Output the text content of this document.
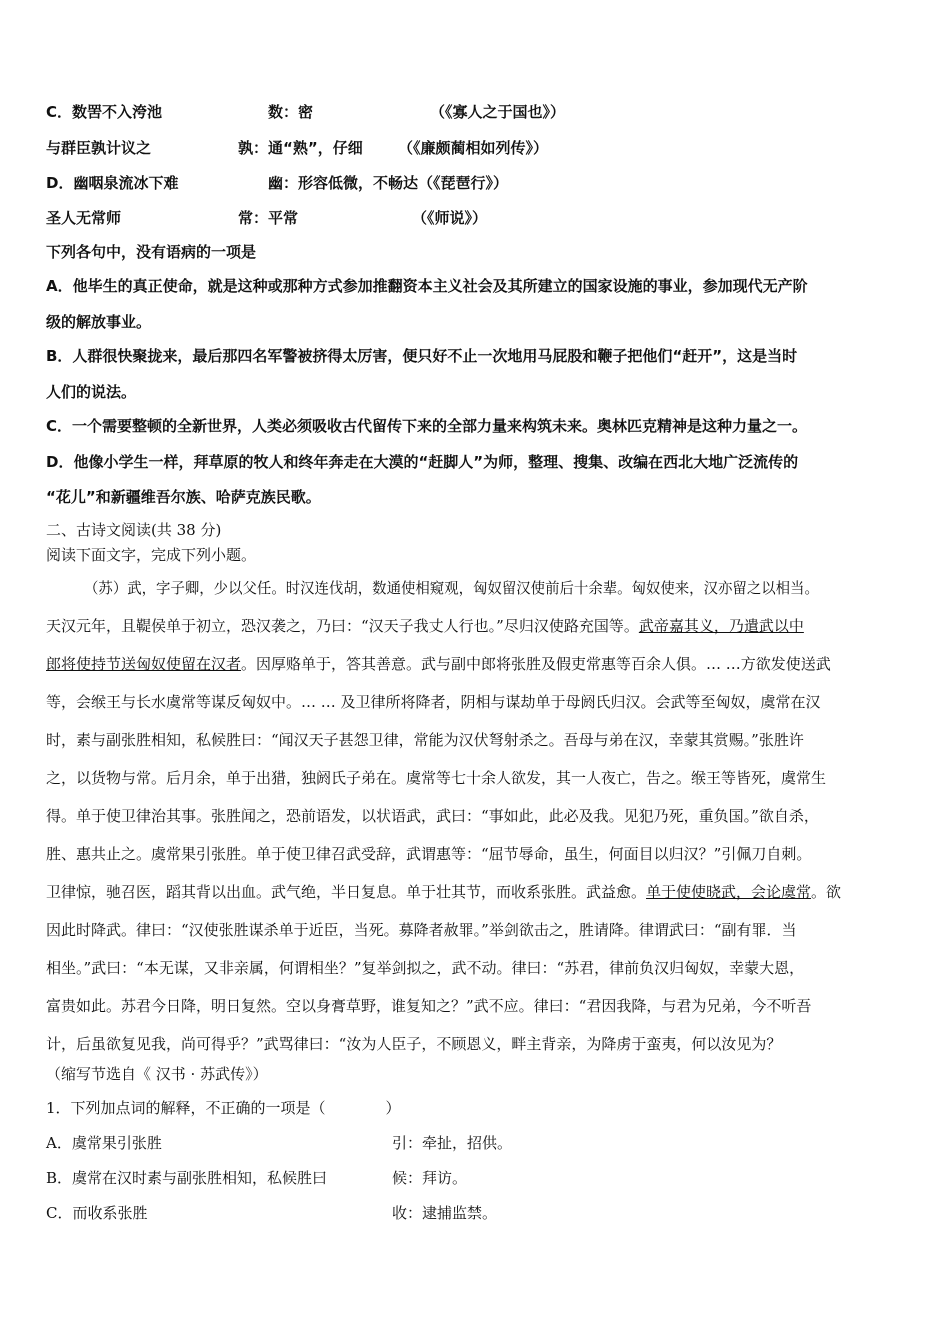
C．数罟不入洿池	数：密	（《寡人之于国也》）
与群臣孰计议之	孰：通“熟”，仔细 （《廉颇蔺相如列传》）
D．幽咽泉流冰下难	幽：形容低微，不畅达（《琵琶行》）
圣人无常师	常：平常	（《师说》）
下列各句中，没有语病的一项是
A．他毕生的真正使命，就是这种或那种方式参加推翻资本主义社会及其所建立的国家设施的事业，参加现代无产阶
级的解放事业。
B．人群很快聚拢来，最后那四名军警被挤得太厉害，便只好不止一次地用马屁股和鞭子把他们“赶开”，这是当时
人们的说法。
C．一个需要整顿的全新世界，人类必须吸收古代留传下来的全部力量来构筑未来。奥林匹克精神是这种力量之一。
D．他像小学生一样，拜草原的牧人和终年奔走在大漠的“赶脚人”为师，整理、搜集、改编在西北大地广泛流传的
“花儿”和新疆维吾尔族、哈萨克族民歌。
二、古诗文阅读(共 38 分)
阅读下面文字，完成下列小题。
（苏）武，字子卿，少以父任。时汉连伐胡，数通使相窥观，匈奴留汉使前后十余辈。匈奴使来，汉亦留之以相当。
天汉元年，且鞮侯单于初立，恐汉袭之，乃曰：“汉天子我丈人行也。”尽归汉使路充国等。武帝嘉其义，乃遣武以中
郎将使持节送匈奴使留在汉者。因厚赂单于，答其善意。武与副中郎将张胜及假吏常惠等百余人俱。… …方欲发使送武
等，会缑王与长水虞常等谋反匈奴中。… … 及卫律所将降者，阴相与谋劫单于母阏氏归汉。会武等至匈奴，虞常在汉
时，素与副张胜相知，私候胜曰：“闻汉天子甚怨卫律，常能为汉伏弩射杀之。吾母与弟在汉，幸蒙其赏赐。”张胜许
之，以货物与常。后月余，单于出猎，独阏氏子弟在。虞常等七十余人欲发，其一人夜亡，告之。缑王等皆死，虞常生
得。单于使卫律治其事。张胜闻之，恐前语发，以状语武，武曰：“事如此，此必及我。见犯乃死，重负国。”欲自杀，
胜、惠共止之。虞常果引张胜。单于使卫律召武受辞，武谓惠等：“屈节辱命，虽生，何面目以归汉？”引佩刀自刺。
卫律惊，驰召医，蹈其背以出血。武气绝，半日复息。单于壮其节，而收系张胜。武益愈。单于使使晓武，会论虞常。欲
因此时降武。律曰：“汉使张胜谋杀单于近臣，当死。募降者赦罪。”举剑欲击之，胜请降。律谓武曰：“副有罪．当
相坐。”武曰：“本无谋，又非亲属，何谓相坐？”复举剑拟之，武不动。律曰：“苏君，律前负汉归匈奴，幸蒙大恩，
富贵如此。苏君今日降，明日复然。空以身膏草野，谁复知之？”武不应。律曰：“君因我降，与君为兄弟，今不听吾
计，后虽欲复见我，尚可得乎？”武骂律曰：“汝为人臣子，不顾恩义，畔主背亲，为降虏于蛮夷，何以汝见为？
（缩写节选自《 汉书 · 苏武传》）
1．下列加点词的解释，不正确的一项是（　　　　）
A．虞常果引张胜	引：牵扯，招供。
B．虞常在汉时素与副张胜相知，私候胜曰	候：拜访。
C．而收系张胜	收：逮捕监禁。
